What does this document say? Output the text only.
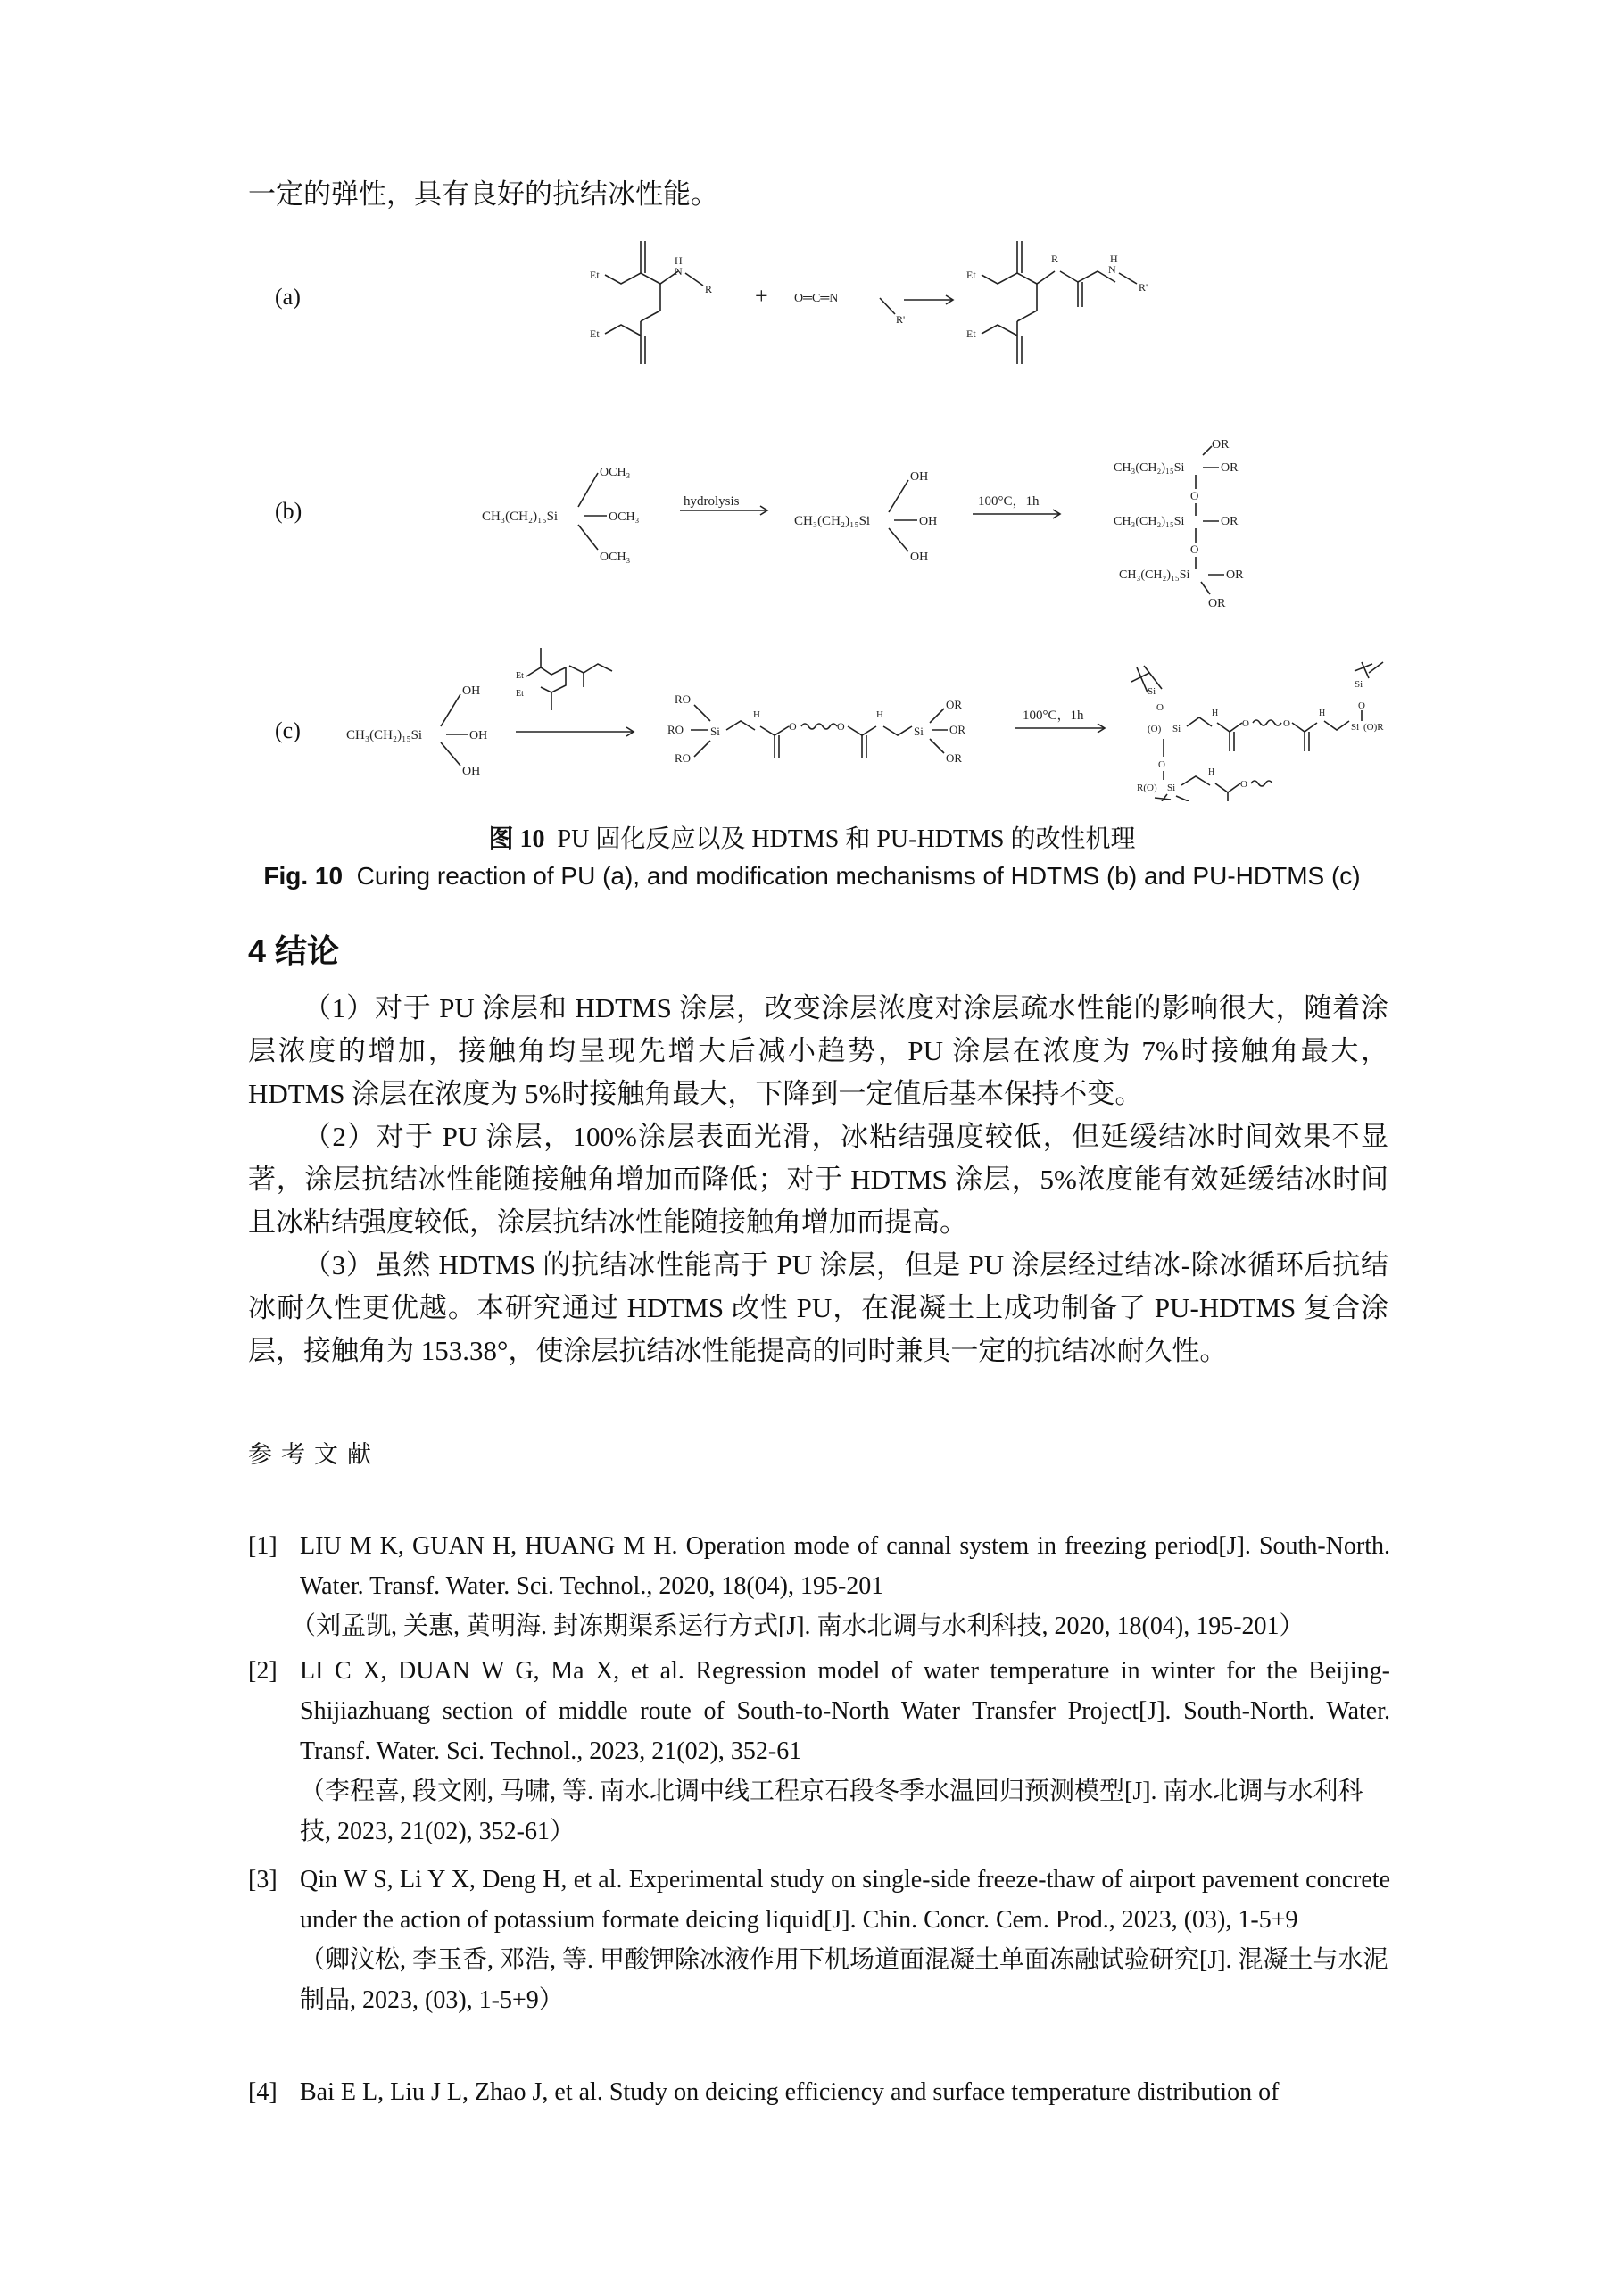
一定的弹性，具有良好的抗结冰性能。
(a)
(b)
(c)
Et
Et
H
N
R + O═C═N
R'
Et
Et
R	H
N
R'
CH₃(CH₂)₁₅Si
OCH₃
OCH₃
OCH₃
hydrolysis
CH₃(CH₂)₁₅Si
OH
OH
OH
100°C，1h
OR
CH₃(CH₂)₁₅Si	OR
O
CH₃(CH₂)₁₅Si	OR
O
CH₃(CH₂)₁₅Si	OR
OR
CH₃(CH₂)₁₅Si
OH
OH
OH
Et
Et	RO
RO
RO
Si
H
O	O
H
Si
OR
OR
OR
100°C，1h
Si
O
(O) Si
H
O	O
H
Si (O)R
O
Si
O
R(O) Si
H
O
图 10 PU 固化反应以及 HDTMS 和 PU-HDTMS 的改性机理
Fig. 10 Curing reaction of PU (a), and modification mechanisms of HDTMS (b) and PU-HDTMS (c)
4 结论
（1）对于 PU 涂层和 HDTMS 涂层，改变涂层浓度对涂层疏水性能的影响很大，随着涂层浓度的增加，接触角均呈现先增大后减小趋势，PU 涂层在浓度为 7%时接触角最大，HDTMS 涂层在浓度为 5%时接触角最大，下降到一定值后基本保持不变。
（2）对于 PU 涂层，100%涂层表面光滑，冰粘结强度较低，但延缓结冰时间效果不显著，涂层抗结冰性能随接触角增加而降低；对于 HDTMS 涂层，5%浓度能有效延缓结冰时间且冰粘结强度较低，涂层抗结冰性能随接触角增加而提高。
（3）虽然 HDTMS 的抗结冰性能高于 PU 涂层，但是 PU 涂层经过结冰-除冰循环后抗结冰耐久性更优越。本研究通过 HDTMS 改性 PU，在混凝土上成功制备了 PU-HDTMS 复合涂层，接触角为 153.38°，使涂层抗结冰性能提高的同时兼具一定的抗结冰耐久性。
参考文献
[1] LIU M K, GUAN H, HUANG M H. Operation mode of cannal system in freezing period[J]. South-North. Water. Transf. Water. Sci. Technol., 2020, 18(04), 195-201
（刘孟凯, 关惠, 黄明海. 封冻期渠系运行方式[J]. 南水北调与水利科技, 2020, 18(04), 195-201）
[2] LI C X, DUAN W G, Ma X, et al. Regression model of water temperature in winter for the Beijing-Shijiazhuang section of middle route of South-to-North Water Transfer Project[J]. South-North. Water. Transf. Water. Sci. Technol., 2023, 21(02), 352-61
（李程喜, 段文刚, 马啸, 等. 南水北调中线工程京石段冬季水温回归预测模型[J]. 南水北调与水利科技, 2023, 21(02), 352-61）
[3] Qin W S, Li Y X, Deng H, et al. Experimental study on single-side freeze-thaw of airport pavement concrete under the action of potassium formate deicing liquid[J]. Chin. Concr. Cem. Prod., 2023, (03), 1-5+9
（卿汶松, 李玉香, 邓浩, 等. 甲酸钾除冰液作用下机场道面混凝土单面冻融试验研究[J]. 混凝土与水泥制品, 2023, (03), 1-5+9）
[4] Bai E L, Liu J L, Zhao J, et al. Study on deicing efficiency and surface temperature distribution of
